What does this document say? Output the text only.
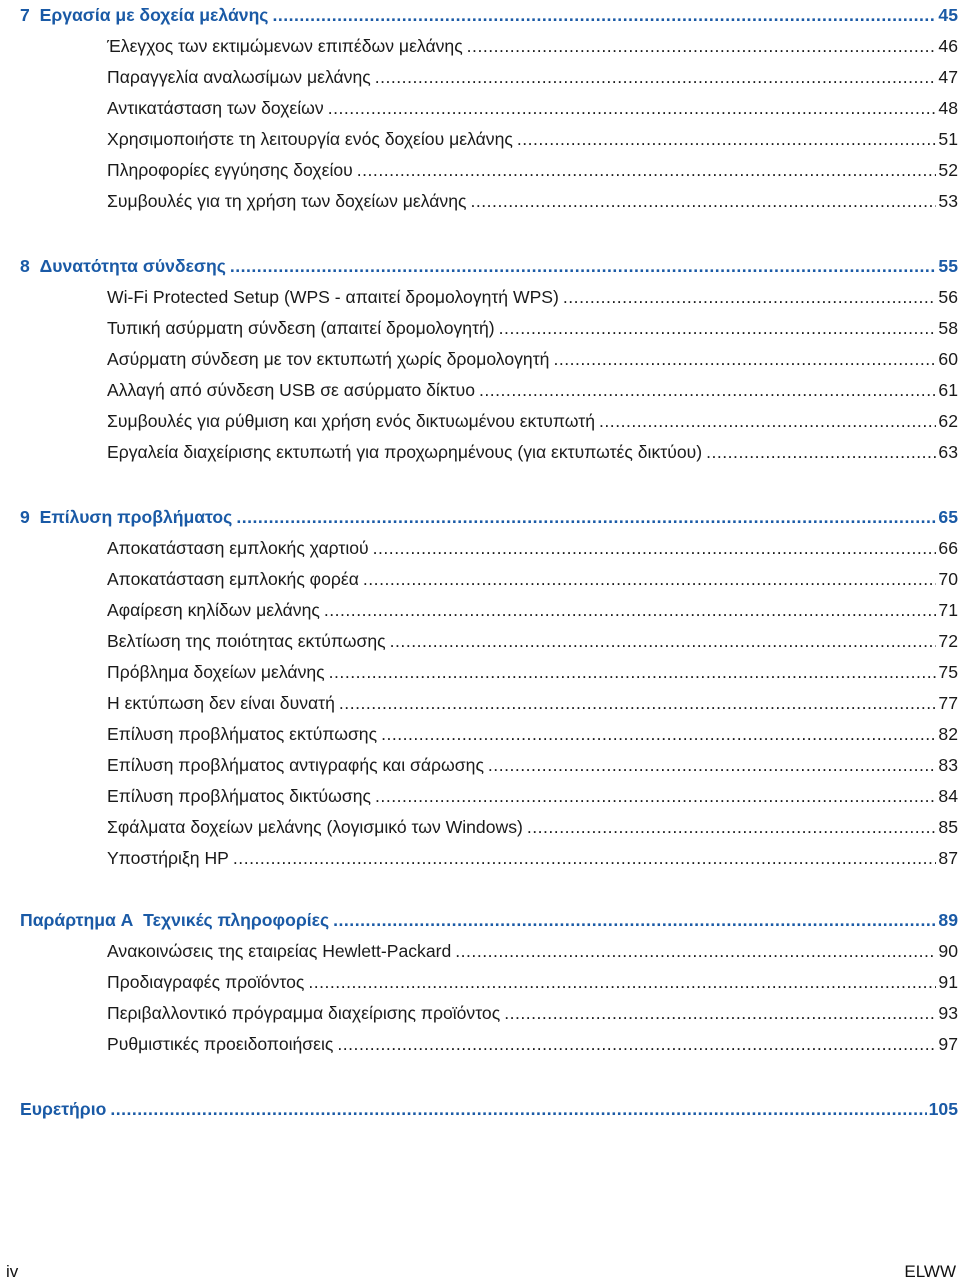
7 Εργασία με δοχεία μελάνης .....	45
Έλεγχος των εκτιμώμενων επιπέδων μελάνης .....	46
Παραγγελία αναλωσίμων μελάνης .....	47
Αντικατάσταση των δοχείων .....	48
Χρησιμοποιήστε τη λειτουργία ενός δοχείου μελάνης .....	51
Πληροφορίες εγγύησης δοχείου .....	52
Συμβουλές για τη χρήση των δοχείων μελάνης .....	53
8 Δυνατότητα σύνδεσης .....	55
Wi-Fi Protected Setup (WPS - απαιτεί δρομολογητή WPS) .....	56
Τυπική ασύρματη σύνδεση (απαιτεί δρομολογητή) .....	58
Ασύρματη σύνδεση με τον εκτυπωτή χωρίς δρομολογητή .....	60
Αλλαγή από σύνδεση USB σε ασύρματο δίκτυο .....	61
Συμβουλές για ρύθμιση και χρήση ενός δικτυωμένου εκτυπωτή .....	62
Εργαλεία διαχείρισης εκτυπωτή για προχωρημένους (για εκτυπωτές δικτύου) .....	63
9 Επίλυση προβλήματος .....	65
Αποκατάσταση εμπλοκής χαρτιού .....	66
Αποκατάσταση εμπλοκής φορέα .....	70
Αφαίρεση κηλίδων μελάνης .....	71
Βελτίωση της ποιότητας εκτύπωσης .....	72
Πρόβλημα δοχείων μελάνης .....	75
Η εκτύπωση δεν είναι δυνατή .....	77
Επίλυση προβλήματος εκτύπωσης .....	82
Επίλυση προβλήματος αντιγραφής και σάρωσης .....	83
Επίλυση προβλήματος δικτύωσης .....	84
Σφάλματα δοχείων μελάνης (λογισμικό των Windows) .....	85
Υποστήριξη HP .....	87
Παράρτημα A Τεχνικές πληροφορίες .....	89
Ανακοινώσεις της εταιρείας Hewlett-Packard .....	90
Προδιαγραφές προϊόντος .....	91
Περιβαλλοντικό πρόγραμμα διαχείρισης προϊόντος .....	93
Ρυθμιστικές προειδοποιήσεις .....	97
Ευρετήριο .....	105
iv	ELWW
